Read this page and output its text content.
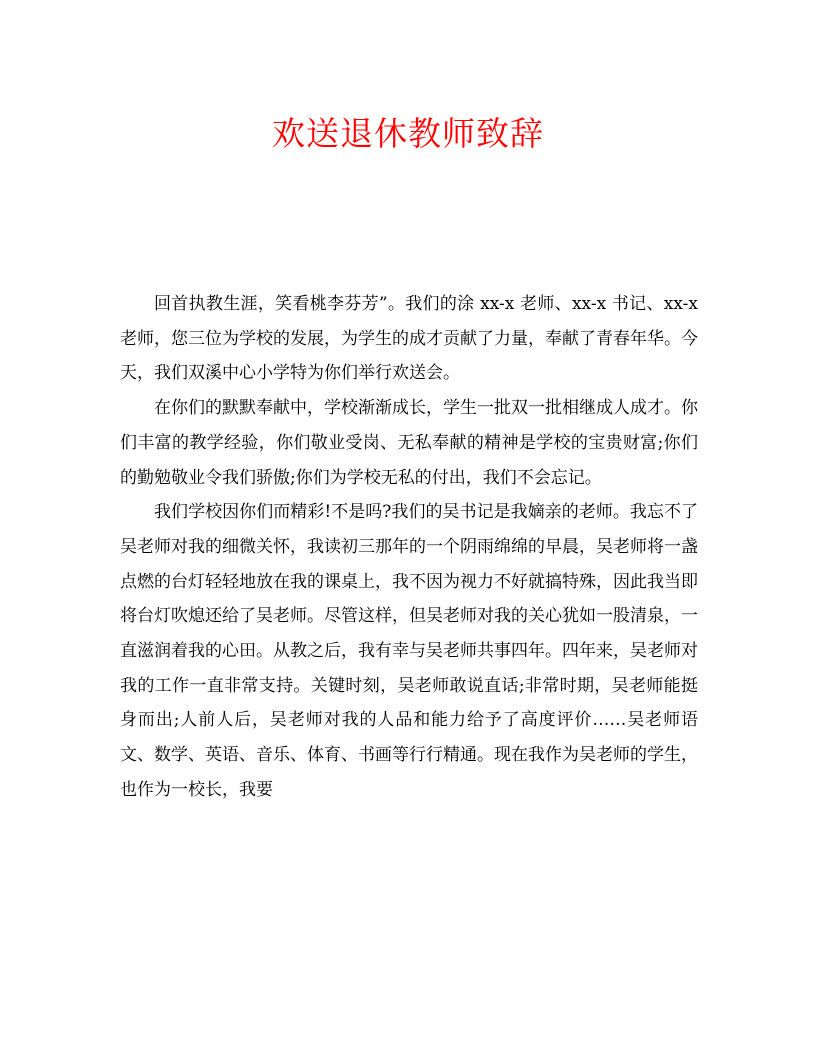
欢送退休教师致辞

回首执教生涯，笑看桃李芬芳”。我们的涂 xx-x 老师、xx-x 书记、xx-x 老师，您三位为学校的发展，为学生的成才贡献了力量，奉献了青春年华。今天，我们双溪中心小学特为你们举行欢送会。

在你们的默默奉献中，学校渐渐成长，学生一批双一批相继成人成才。你们丰富的教学经验，你们敬业受岗、无私奉献的精神是学校的宝贵财富;你们的勤勉敬业令我们骄傲;你们为学校无私的付出，我们不会忘记。

我们学校因你们而精彩!不是吗?我们的吴书记是我嫡亲的老师。我忘不了吴老师对我的细微关怀，我读初三那年的一个阴雨绵绵的早晨，吴老师将一盏点燃的台灯轻轻地放在我的课桌上，我不因为视力不好就搞特殊，因此我当即将台灯吹熄还给了吴老师。尽管这样，但吴老师对我的关心犹如一股清泉，一直滋润着我的心田。从教之后，我有幸与吴老师共事四年。四年来，吴老师对我的工作一直非常支持。关键时刻，吴老师敢说直话;非常时期，吴老师能挺身而出;人前人后，吴老师对我的人品和能力给予了高度评价……吴老师语文、数学、英语、音乐、体育、书画等行行精通。现在我作为吴老师的学生，也作为一校长，我要
